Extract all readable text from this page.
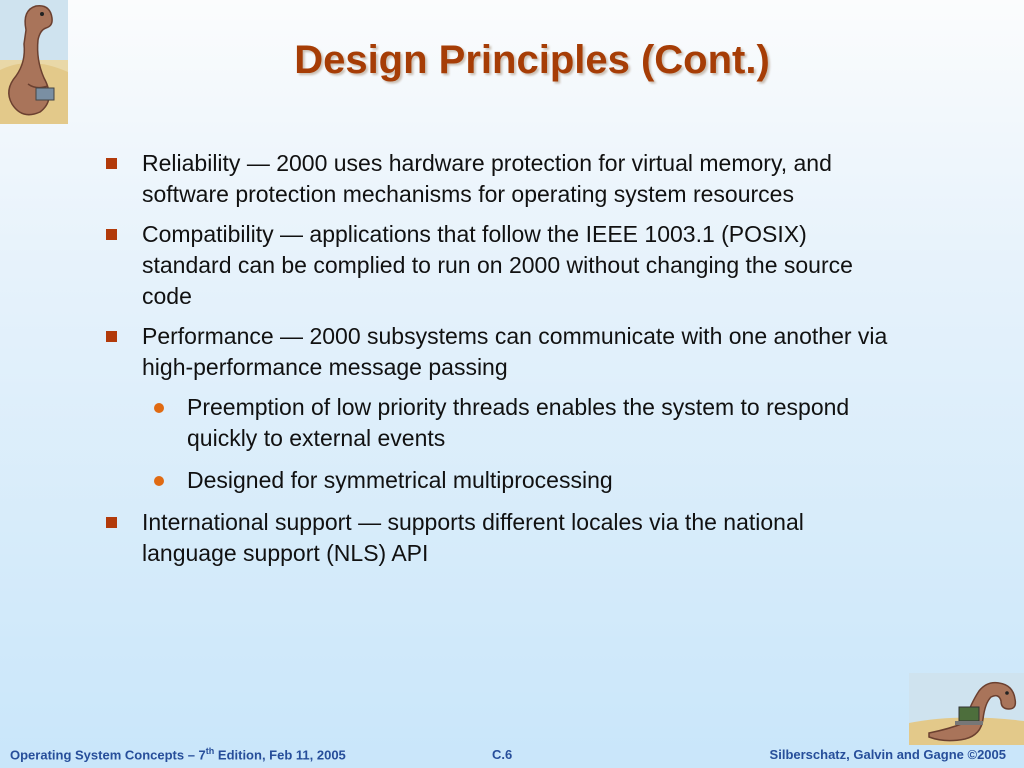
Design Principles (Cont.)
Reliability — 2000 uses hardware protection for virtual memory, and software protection mechanisms for operating system resources
Compatibility — applications that follow the IEEE 1003.1 (POSIX) standard can be complied to run on 2000 without changing the source code
Performance — 2000 subsystems can communicate with one another via high-performance message passing
Preemption of low priority threads enables the system to respond quickly to external events
Designed for symmetrical multiprocessing
International support — supports different locales via the national language support (NLS) API
Operating System Concepts – 7th Edition, Feb 11, 2005	C.6	Silberschatz, Galvin and Gagne ©2005
